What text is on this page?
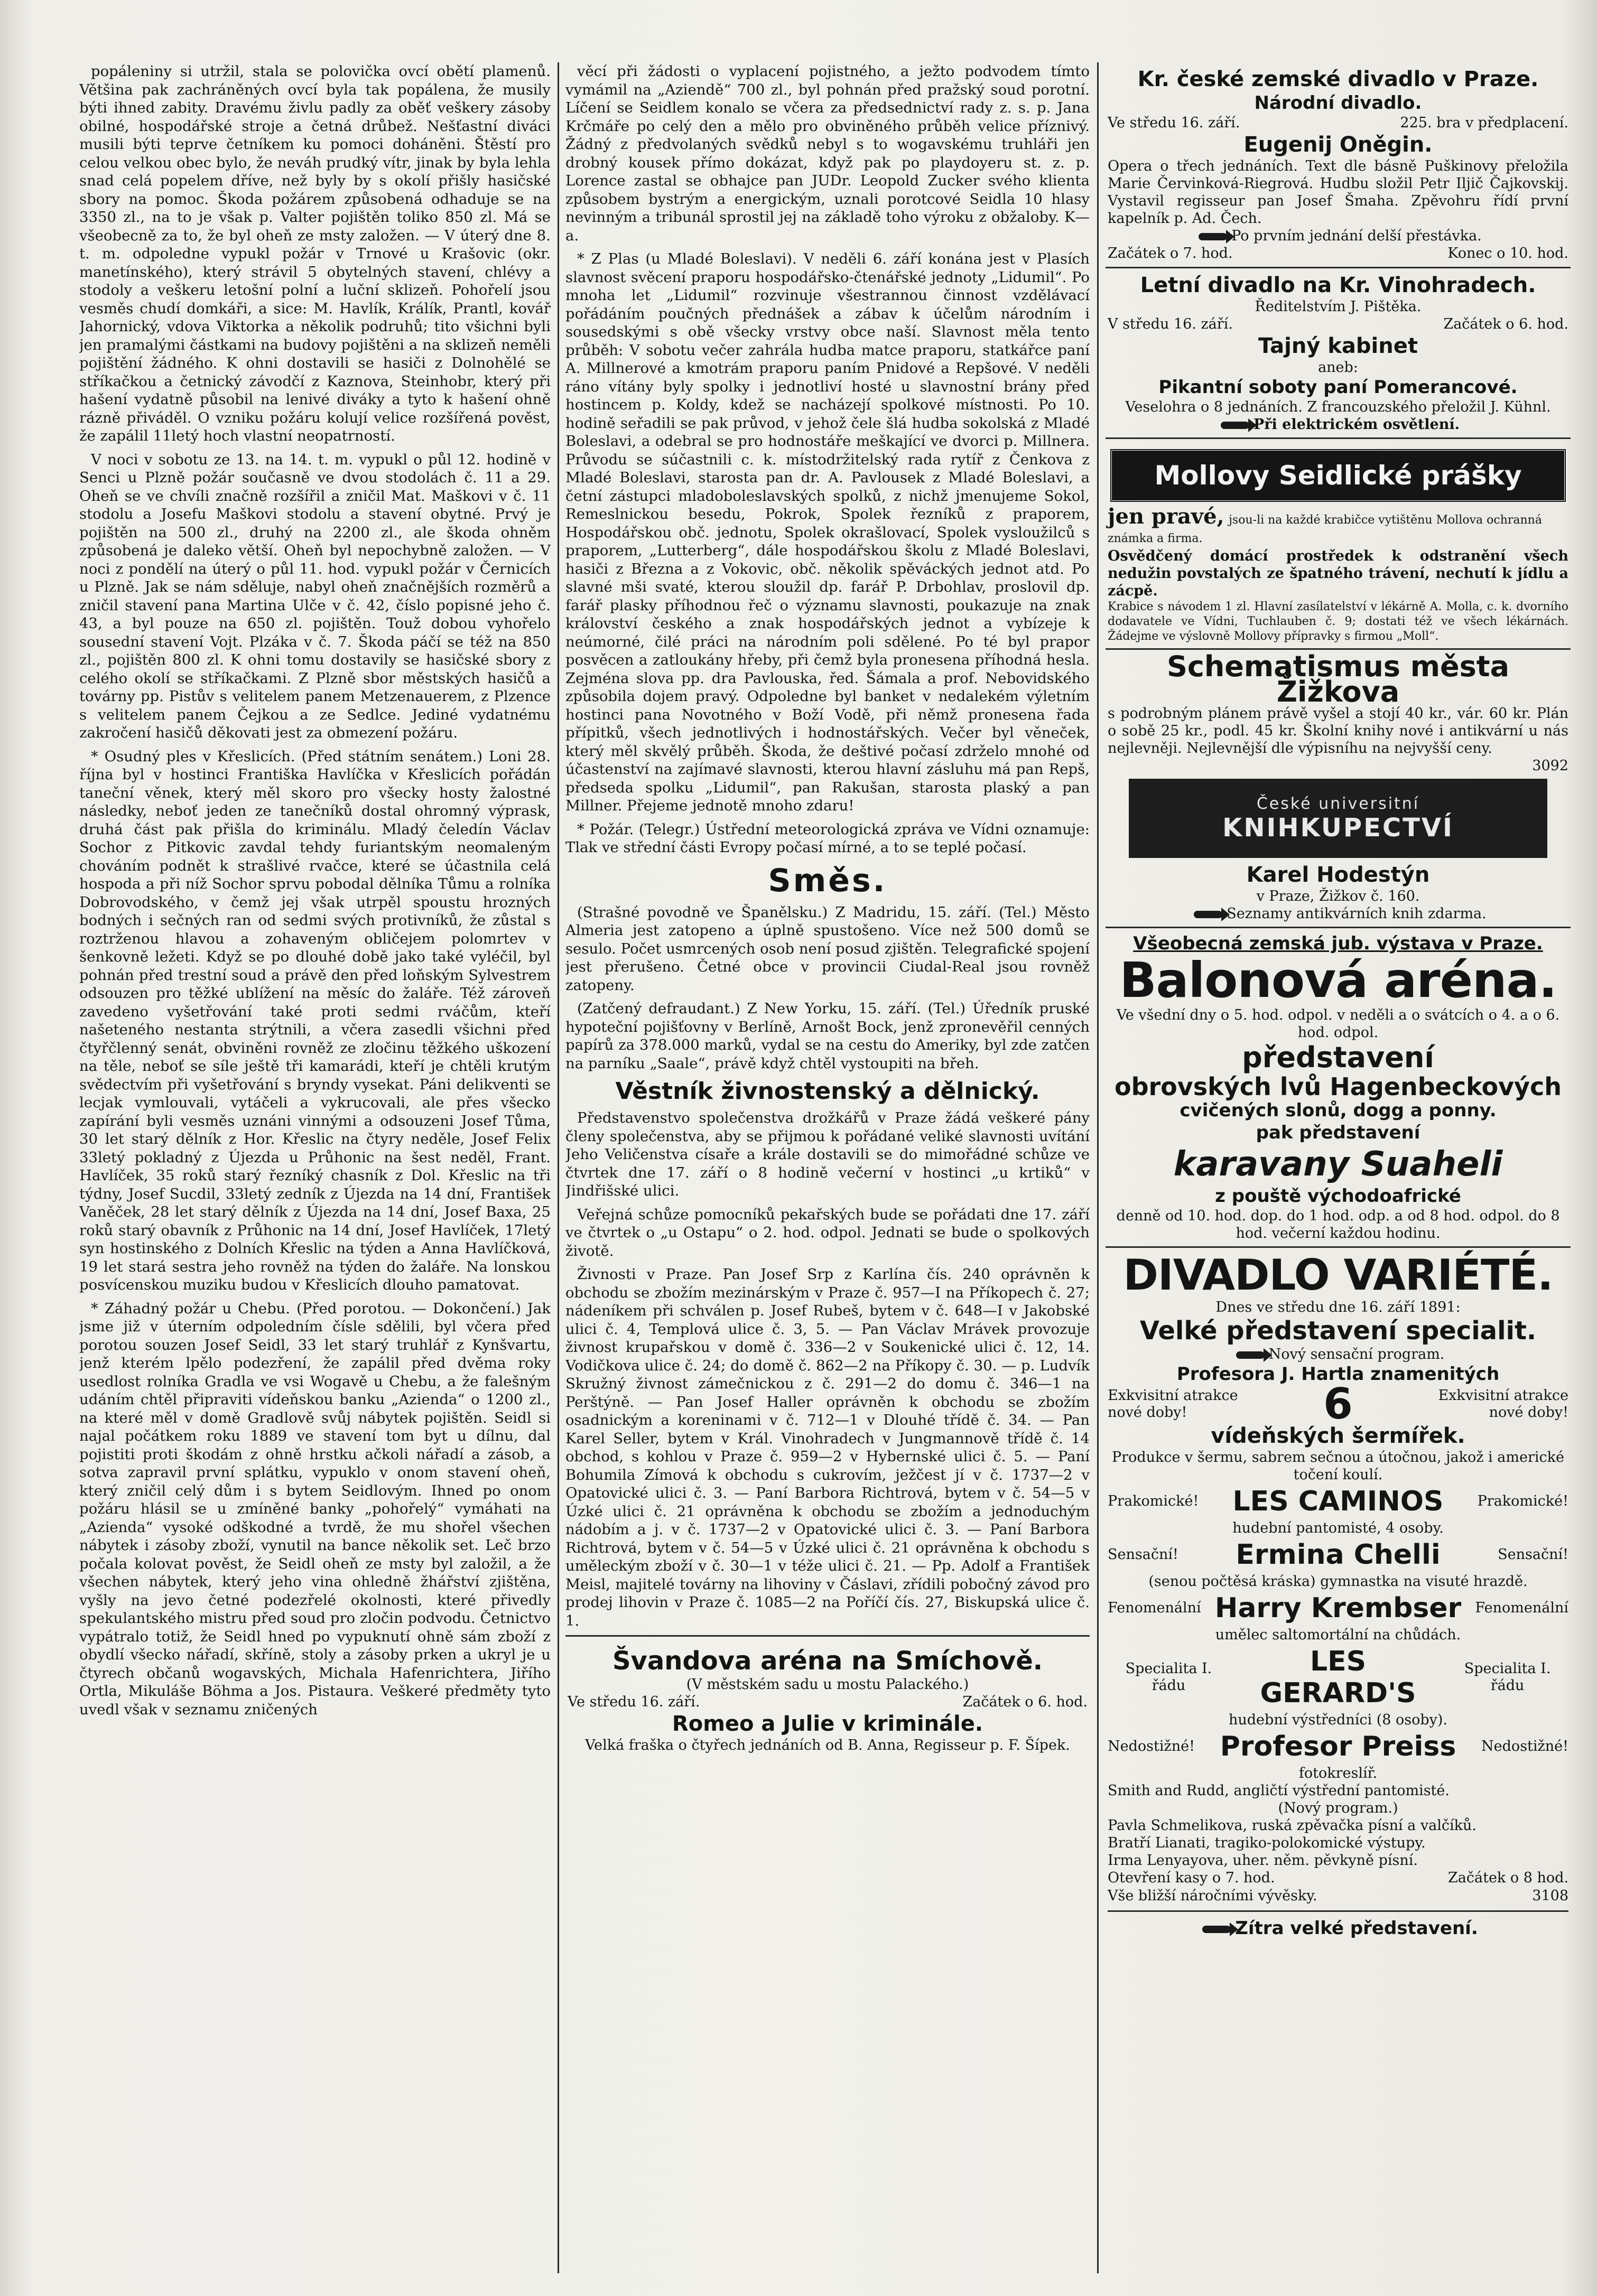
popáleniny si utržil, stala se polovička ovcí obětí plamenů. Většina pak zachráněných ovcí byla tak popálena, že musily býti ihned zabity. Dravému živlu padly za oběť veškery zásoby obilné, hospodářské stroje a četná drůbež. Nešťastní diváci musili býti teprve četníkem ku pomoci doháněni. Štěstí pro celou velkou obec bylo, že neváh prudký vítr, jinak by byla lehla snad celá popelem dříve, než byly by s okolí přišly hasičské sbory na pomoc. Škoda požárem způsobená odhaduje se na 3350 zl., na to je však p. Valter pojištěn toliko 850 zl. Má se všeobecně za to, že byl oheň ze msty založen. — V úterý dne 8. t. m. odpoledne vypukl požár v Trnové u Krašovic (okr. manetínského), který strávil 5 obytelných stavení, chlévy a stodoly a veškeru letošní polní a luční sklizeň. Pohořelí jsou vesměs chudí domkáři, a sice: M. Havlík, Králík, Prantl, kovář Jahornický, vdova Viktorka a několik podruhů; tito všichni byli jen pramalými částkami na budovy pojištěni a na sklizeň neměli pojištění žádného. K ohni dostavili se hasiči z Dolnohělé se stříkačkou a četnický závodčí z Kaznova, Steinhobr, který při hašení vydatně působil na lenivé diváky a tyto k hašení ohně rázně přiváděl. O vzniku požáru kolují velice rozšířená pověst, že zapálil 11letý hoch vlastní neopatrností.

V noci v sobotu ze 13. na 14. t. m. vypukl o půl 12. hodině v Senci u Plzně požár současně ve dvou stodolách č. 11 a 29. Oheň se ve chvíli značně rozšířil a zničil Mat. Maškovi v č. 11 stodolu a Josefu Maškovi stodolu a stavení obytné. Prvý je pojištěn na 500 zl., druhý na 2200 zl., ale škoda ohněm způsobená je daleko větší. Oheň byl nepochybně založen. — V noci z pondělí na úterý o půl 11. hod. vypukl požár v Černicích u Plzně. Jak se nám sděluje, nabyl oheň značnějších rozměrů a zničil stavení pana Martina Ulče v č. 42, číslo popisné jeho č. 43, a byl pouze na 650 zl. pojištěn. Touž dobou vyhořelo sousední stavení Vojt. Plzáka v č. 7. Škoda páčí se též na 850 zl., pojištěn 800 zl. K ohni tomu dostavily se hasičské sbory z celého okolí se stříkačkami. Z Plzně sbor městských hasičů a továrny pp. Pistův s velitelem panem Metzenauerem, z Plzence s velitelem panem Čejkou a ze Sedlce. Jediné vydatnému zakročení hasičů děkovati jest za obmezení požáru.

* Osudný ples v Křeslicích. (Před státním senátem.) Loni 28. října byl v hostinci Františka Havlíčka v Křeslicích pořádán taneční věnek, který měl skoro pro všecky hosty žalostné následky, neboť jeden ze tanečníků dostal ohromný výprask, druhá část pak přišla do kriminálu. Mladý čeledín Václav Sochor z Pitkovic zavdal tehdy furiantským neomaleným chováním podnět k strašlivé rvačce, které se účastnila celá hospoda a při níž Sochor sprvu pobodal dělníka Tůmu a rolníka Dobrovodského, v čemž jej však utrpěl spoustu hrozných bodných i sečných ran od sedmi svých protivníků, že zůstal s roztrženou hlavou a zohaveným obličejem polomrtev v šenkovně ležeti. Když se po dlouhé době jako také vyléčil, byl pohnán před trestní soud a právě den před loňským Sylvestrem odsouzen pro těžké ublížení na měsíc do žaláře. Též zároveň zavedeno vyšetřování také proti sedmi rváčům, kteří našeteného nestanta strýtnili, a včera zasedli všichni před čtyřčlenný senát, obviněni rovněž ze zločinu těžkého uškození na těle, neboť se síle ještě tři kamarádi, kteří je chtěli krutým svědectvím při vyšetřování s bryndy vysekat. Páni delikventi se lecjak vymlouvali, vytáčeli a vykrucovali, ale přes všecko zapírání byli vesměs uznáni vinnými a odsouzeni Josef Tůma, 30 let starý dělník z Hor. Křeslic na čtyry neděle, Josef Felix 33letý pokladný z Újezda u Průhonic na šest neděl, Frant. Havlíček, 35 roků starý řezníký chasník z Dol. Křeslic na tři týdny, Josef Sucdil, 33letý zedník z Újezda na 14 dní, František Vaněček, 28 let starý dělník z Újezda na 14 dní, Josef Baxa, 25 roků starý obavník z Průhonic na 14 dní, Josef Havlíček, 17letý syn hostinského z Dolních Křeslic na týden a Anna Havlíčková, 19 let stará sestra jeho rovněž na týden do žaláře. Na lonskou posvícenskou muziku budou v Křeslicích dlouho pamatovat.

* Záhadný požár u Chebu. (Před porotou. — Dokončení.) Jak jsme již v úterním odpoledním čísle sdělili, byl včera před porotou souzen Josef Seidl, 33 let starý truhlář z Kynšvartu, jenž kterém lpělo podezření, že zapálil před dvěma roky usedlost rolníka Gradla ve vsi Wogavě u Chebu, a že falešným udáním chtěl připraviti vídeňskou banku „Azienda“ o 1200 zl., na které měl v domě Gradlově svůj nábytek pojištěn. Seidl si najal počátkem roku 1889 ve stavení tom byt u dílnu, dal pojistiti proti škodám z ohně hrstku ačkoli nářadí a zásob, a sotva zapravil první splátku, vypuklo v onom stavení oheň, který zničil celý dům i s bytem Seidlovým. Ihned po onom požáru hlásil se u zmíněné banky „pohořelý“ vymáhati na „Azienda“ vysoké odškodné a tvrdě, že mu shořel všechen nábytek i zásoby zboží, vynutil na bance několik set. Leč brzo počala kolovat pověst, že Seidl oheň ze msty byl založil, a že všechen nábytek, který jeho vina ohledně žhářství zjištěna, vyšly na jevo četné podezřelé okolnosti, které přivedly spekulantského mistru před soud pro zločin podvodu. Četnictvo vypátralo totiž, že Seidl hned po vypuknutí ohně sám zboží z obydlí všecko nářadí, skříně, stoly a zásoby prken a ukryl je u čtyrech občanů wogavských, Michala Hafenrichtera, Jiřího Ortla, Mikuláše Böhma a Jos. Pistaura. Veškeré předměty tyto uvedl však v seznamu zničených

věcí při žádosti o vyplacení pojistného, a ježto podvodem tímto vymámil na „Aziendě“ 700 zl., byl pohnán před pražský soud porotní. Líčení se Seidlem konalo se včera za předsednictví rady z. s. p. Jana Krčmáře po celý den a mělo pro obviněného průběh velice příznivý. Žádný z předvolaných svědků nebyl s to wogavskému truhláři jen drobný kousek přímo dokázat, když pak po playdoyeru st. z. p. Lorence zastal se obhajce pan JUDr. Leopold Zucker svého klienta způsobem bystrým a energickým, uznali porotcové Seidla 10 hlasy nevinným a tribunál sprostil jej na základě toho výroku z obžaloby. K—a.

* Z Plas (u Mladé Boleslavi). V neděli 6. září konána jest v Plasích slavnost svěcení praporu hospodářsko-čtenářské jednoty „Lidumil“. Po mnoha let „Lidumil“ rozvinuje všestrannou činnost vzdělávací pořádáním poučných přednášek a zábav k účelům národním i sousedskými s obě všecky vrstvy obce naší. Slavnost měla tento průběh: V sobotu večer zahrála hudba matce praporu, statkářce paní A. Millnerové a kmotrám praporu paním Pnidové a Repšové. V neděli ráno vítány byly spolky i jednotliví hosté u slavnostní brány před hostincem p. Koldy, kdež se nacházejí spolkové místnosti. Po 10. hodině seřadili se pak průvod, v jehož čele šlá hudba sokolská z Mladé Boleslavi, a odebral se pro hodnostáře meškající ve dvorci p. Millnera. Průvodu se súčastnili c. k. místodržitelský rada rytíř z Čenkova z Mladé Boleslavi, starosta pan dr. A. Pavlousek z Mladé Boleslavi, a četní zástupci mladoboleslavských spolků, z nichž jmenujeme Sokol, Remeslnickou besedu, Pokrok, Spolek řezníků z praporem, Hospodářskou obč. jednotu, Spolek okrašlovací, Spolek vysloužilců s praporem, „Lutterberg“, dále hospodářskou školu z Mladé Boleslavi, hasiči z Března a z Vokovic, obč. několik spěváckých jednot atd. Po slavné mši svaté, kterou sloužil dp. farář P. Drbohlav, proslovil dp. farář plasky příhodnou řeč o významu slavnosti, poukazuje na znak království českého a znak hospodářských jednot a vybízeje k neúmorné, čilé práci na národním poli sdělené. Po té byl prapor posvěcen a zatloukány hřeby, při čemž byla pronesena příhodná hesla. Zejména slova pp. dra Pavlouska, řed. Šámala a prof. Nebovidského způsobila dojem pravý. Odpoledne byl banket v nedalekém výletním hostinci pana Novotného v Boží Vodě, při němž pronesena řada přípitků, všech jednotlivých i hodnostářských. Večer byl věneček, který měl skvělý průběh. Škoda, že deštivé počasí zdrželo mnohé od účastenství na zajímavé slavnosti, kterou hlavní zásluhu má pan Repš, předseda spolku „Lidumil“, pan Rakušan, starosta plaský a pan Millner. Přejeme jednotě mnoho zdaru!

* Požár. (Telegr.) Ústřední meteorologická zpráva ve Vídni oznamuje: Tlak ve střední části Evropy počasí mírné, a to se teplé počasí.

Směs.

(Strašné povodně ve Španělsku.) Z Madridu, 15. září. (Tel.) Město Almeria jest zatopeno a úplně spustošeno. Více než 500 domů se sesulo. Počet usmrcených osob není posud zjištěn. Telegrafické spojení jest přerušeno. Četné obce v provincii Ciudal-Real jsou rovněž zatopeny.

(Zatčený defraudant.) Z New Yorku, 15. září. (Tel.) Úředník pruské hypoteční pojišťovny v Berlíně, Arnošt Bock, jenž zpronevěřil cenných papírů za 378.000 marků, vydal se na cestu do Ameriky, byl zde zatčen na parníku „Saale“, právě když chtěl vystoupiti na břeh.

Věstník živnostenský a dělnický.

Představenstvo společenstva drožkářů v Praze žádá veškeré pány členy společenstva, aby se přijmou k pořádané veliké slavnosti uvítání Jeho Veličenstva císaře a krále dostavili se do mimořádné schůze ve čtvrtek dne 17. září o 8 hodině večerní v hostinci „u krtiků“ v Jindřišské ulici.

Veřejná schůze pomocníků pekařských bude se pořádati dne 17. září ve čtvrtek o „u Ostapu“ o 2. hod. odpol. Jednati se bude o spolkových životě.

Živnosti v Praze. Pan Josef Srp z Karlína čís. 240 oprávněn k obchodu se zbožím mezinárským v Praze č. 957—I na Příkopech č. 27; nádeníkem při schválen p. Josef Rubeš, bytem v č. 648—I v Jakobské ulici č. 4, Templová ulice č. 3, 5. — Pan Václav Mrávek provozuje živnost krupařskou v domě č. 336—2 v Soukenické ulici č. 12, 14. Vodičkova ulice č. 24; do domě č. 862—2 na Příkopy č. 30. — p. Ludvík Skružný živnost zámečnickou z č. 291—2 do domu č. 346—1 na Perštýně. — Pan Josef Haller oprávněn k obchodu se zbožím osadnickým a koreninami v č. 712—1 v Dlouhé třídě č. 34. — Pan Karel Seller, bytem v Král. Vinohradech v Jungmannově třídě č. 14 obchod, s kohlou v Praze č. 959—2 v Hybernské ulici č. 5. — Paní Bohumila Zímová k obchodu s cukrovím, ježčest jí v č. 1737—2 v Opatovické ulici č. 3. — Paní Barbora Richtrová, bytem v č. 54—5 v Úzké ulici č. 21 oprávněna k obchodu se zbožím a jednoduchým nádobím a j. v č. 1737—2 v Opatovické ulici č. 3. — Paní Barbora Richtrová, bytem v č. 54—5 v Úzké ulici č. 21 oprávněna k obchodu s uměleckým zboží v č. 30—1 v téže ulici č. 21. — Pp. Adolf a František Meisl, majitelé továrny na lihoviny v Čáslavi, zřídili pobočný závod pro prodej lihovin v Praze č. 1085—2 na Poříčí čís. 27, Biskupská ulice č. 1.

Švandova aréna na Smíchově.
(V městském sadu u mostu Palackého.)
Ve středu 16. září.	Začátek o 6. hod.
Romeo a Julie v kriminále.
Velká fraška o čtyřech jednáních od B. Anna, Regisseur p. F. Šípek.
Kr. české zemské divadlo v Praze.
Národní divadlo.
Ve středu 16. září.	225. bra v předplacení.
Eugenij Oněgin.
Opera o třech jednáních. Text dle básně Puškinovy přeložila Marie Červinková-Riegrová. Hudbu složil Petr Iljič Čajkovskij. Vystavil regisseur pan Josef Šmaha. Zpěvohru řídí první kapelník p. Ad. Čech.
Po prvním jednání delší přestávka.
Začátek o 7. hod.	Konec o 10. hod.
Letní divadlo na Kr. Vinohradech.
Ředitelstvím J. Pištěka.
V středu 16. září.	Začátek o 6. hod.
Tajný kabinet
aneb:
Pikantní soboty paní Pomerancové.
Veselohra o 8 jednáních. Z francouzského přeložil J. Kühnl.
Při elektrickém osvětlení.
Mollovy Seidlické prášky
jen pravé, jsou-li na každé krabičce vytištěnu Mollova ochranná známka a firma.
Osvědčený domácí prostředek k odstranění všech nedužin povstalých ze špatného trávení, nechutí k jídlu a zácpě.
Krabice s návodem 1 zl. Hlavní zasílatelství v lékárně A. Molla, c. k. dvorního dodavatele ve Vídni, Tuchlauben č. 9; dostati též ve všech lékárnách. Žádejme ve výslovně Mollovy přípravky s firmou „Moll“.
Schematismus města Žižkova
s podrobným plánem právě vyšel a stojí 40 kr., vár. 60 kr. Plán o sobě 25 kr., podl. 45 kr. Školní knihy nové i antikvární u nás nejlevněji. Nejlevnější dle výpisníhu na nejvyšší ceny.
3092
České universitní
KNIHKUPECTVÍ
Karel Hodestýn
v Praze, Žižkov č. 160.
Seznamy antikvárních knih zdarma.
Všeobecná zemská jub. výstava v Praze.
Balonová aréna.
Ve všední dny o 5. hod. odpol. v neděli a o svátcích o 4. a o 6. hod. odpol.
představení
obrovských lvů Hagenbeckových
cvičených slonů, dogg a ponny.
pak představení
karavany Suaheli
z pouště východoafrické
denně od 10. hod. dop. do 1 hod. odp. a od 8 hod. odpol. do 8 hod. večerní každou hodinu.
DIVADLO VARIÉTÉ.
Dnes ve středu dne 16. září 1891:
Velké představení specialit.
Nový sensační program.
Profesora J. Hartla znamenitých
Exkvisitní atrakce nové doby!	6	Exkvisitní atrakce nové doby!
vídeňských šermířek.
Produkce v šermu, sabrem sečnou a útočnou, jakož i americké točení koulí.
Prakomické! LES CAMINOS Prakomické!
hudební pantomisté, 4 osoby.
Sensační! Ermina Chelli	Sensační!
(senou počtěsá kráska) gymnastka na visuté hrazdě.
Fenomenální Harry Krembser Fenomenální
umělec saltomortální na chůdách.
Specialita I. řádu
LES GERARD'S
Specialita I. řádu
hudební výstředníci (8 osoby).
Nedostižné! Profesor Preiss Nedostižné!
fotokreslíř.
Smith and Rudd, angličtí výstřední pantomisté.
(Nový program.)
Pavla Schmelikova, ruská zpěvačka písní a valčíků.
Bratří Lianati, tragiko-polokomické výstupy.
Irma Lenyayova, uher. něm. pěvkyně písní.
Otevření kasy o 7. hod.	Začátek o 8 hod.
Vše bližší náročními vývěsky.	3108
Zítra velké představení.
